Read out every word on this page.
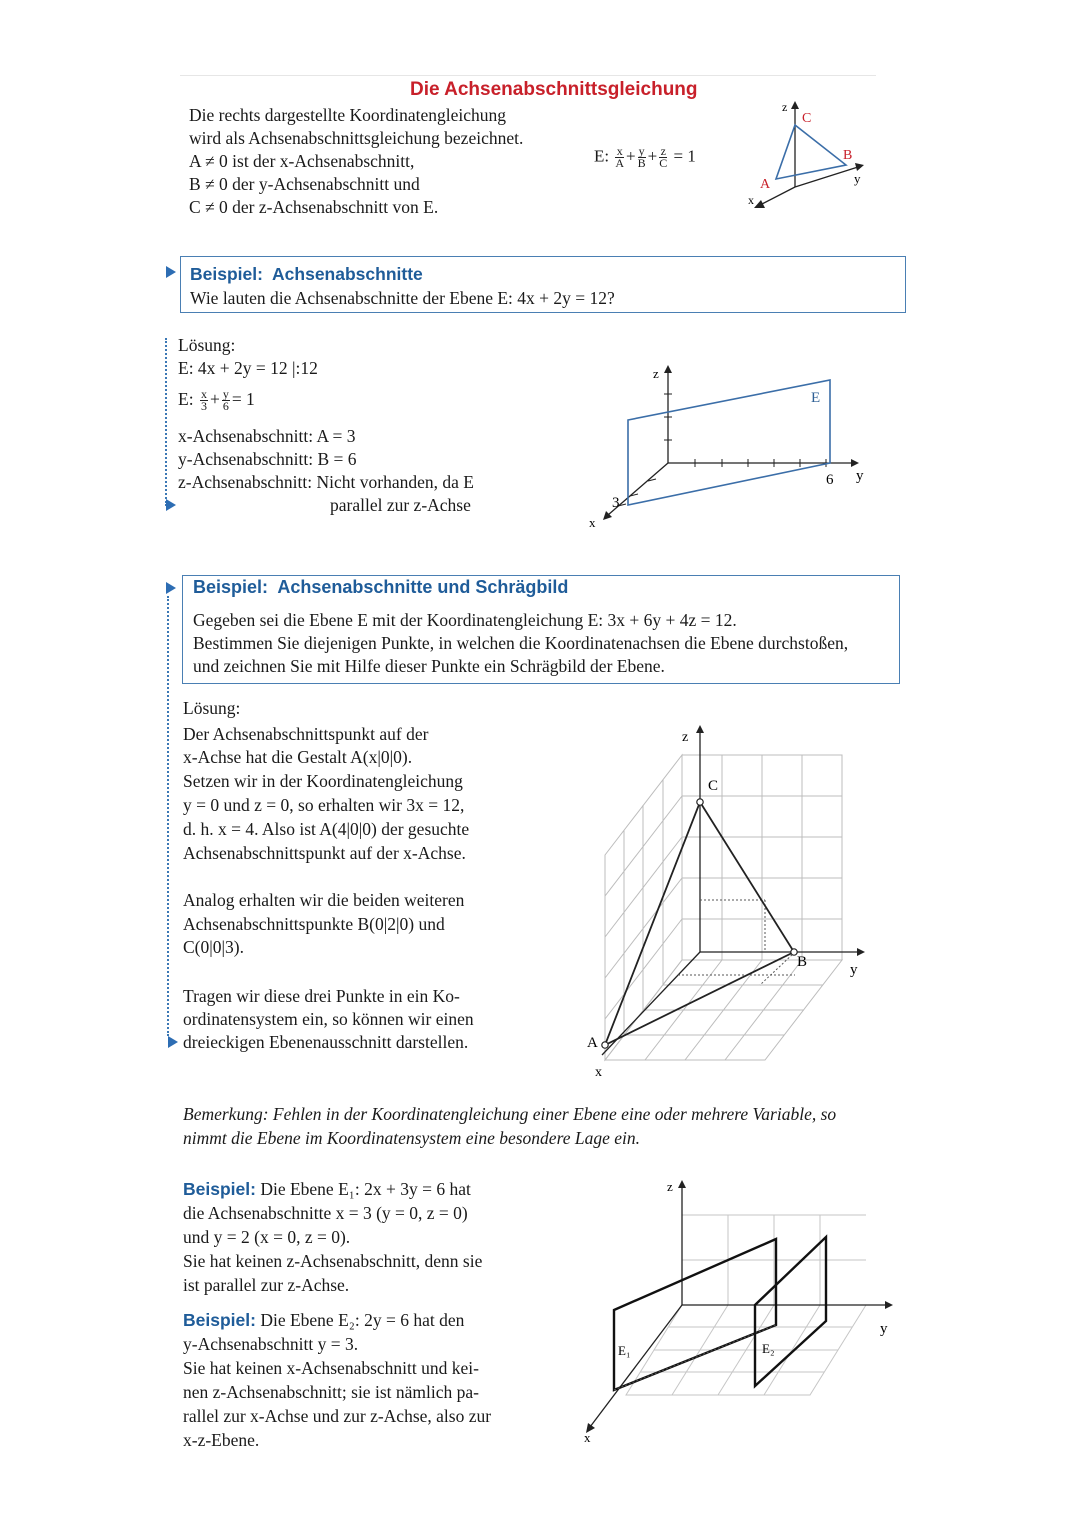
Die Achsenabschnittsgleichung
Die rechts dargestellte Koordinatengleichung
wird als Achsenabschnittsgleichung bezeichnet.
A ≠ 0 ist der x-Achsenabschnitt,
B ≠ 0 der y-Achsenabschnitt und
C ≠ 0 der z-Achsenabschnitt von E.
E: $\frac{x}{A} + \frac{y}{B} + \frac{z}{C} = 1$
z
C
B
y
A
x
Beispiel: Achsenabschnitte
Wie lauten die Achsenabschnitte der Ebene E: 4x + 2y = 12?
Lösung:
E: 4x + 2y = 12 |:12
E: $\frac{x}{3} + \frac{y}{6} = 1$
x-Achsenabschnitt: A = 3
y-Achsenabschnitt: B = 6
z-Achsenabschnitt: Nicht vorhanden, da E
parallel zur z-Achse
z
E
6 y
3
x
Beispiel: Achsenabschnitte und Schrägbild
Gegeben sei die Ebene E mit der Koordinatengleichung E: 3x + 6y + 4z = 12.
Bestimmen Sie diejenigen Punkte, in welchen die Koordinatenachsen die Ebene durchstoßen,
und zeichnen Sie mit Hilfe dieser Punkte ein Schrägbild der Ebene.
Lösung:
Der Achsenabschnittspunkt auf der
x-Achse hat die Gestalt A(x|0|0).
Setzen wir in der Koordinatengleichung
y = 0 und z = 0, so erhalten wir 3x = 12,
d. h. x = 4. Also ist A(4|0|0) der gesuchte
Achsenabschnittspunkt auf der x-Achse.
Analog erhalten wir die beiden weiteren
Achsenabschnittspunkte B(0|2|0) und
C(0|0|3).
Tragen wir diese drei Punkte in ein Ko-
ordinatensystem ein, so können wir einen
dreieckigen Ebenenausschnitt darstellen.
z
C
B	y
A
x
Bemerkung: Fehlen in der Koordinatengleichung einer Ebene eine oder mehrere Variable, so
nimmt die Ebene im Koordinatensystem eine besondere Lage ein.
Beispiel: Die Ebene E₁: 2x + 3y = 6 hat
die Achsenabschnitte x = 3 (y = 0, z = 0)
und y = 2 (x = 0, z = 0).
Sie hat keinen z-Achsenabschnitt, denn sie
ist parallel zur z-Achse.
Beispiel: Die Ebene E₂: 2y = 6 hat den
y-Achsenabschnitt y = 3.
Sie hat keinen x-Achsenabschnitt und kei-
nen z-Achsenabschnitt; sie ist nämlich pa-
rallel zur x-Achse und zur z-Achse, also zur
x-z-Ebene.
z
E₁	E₂
y
x
